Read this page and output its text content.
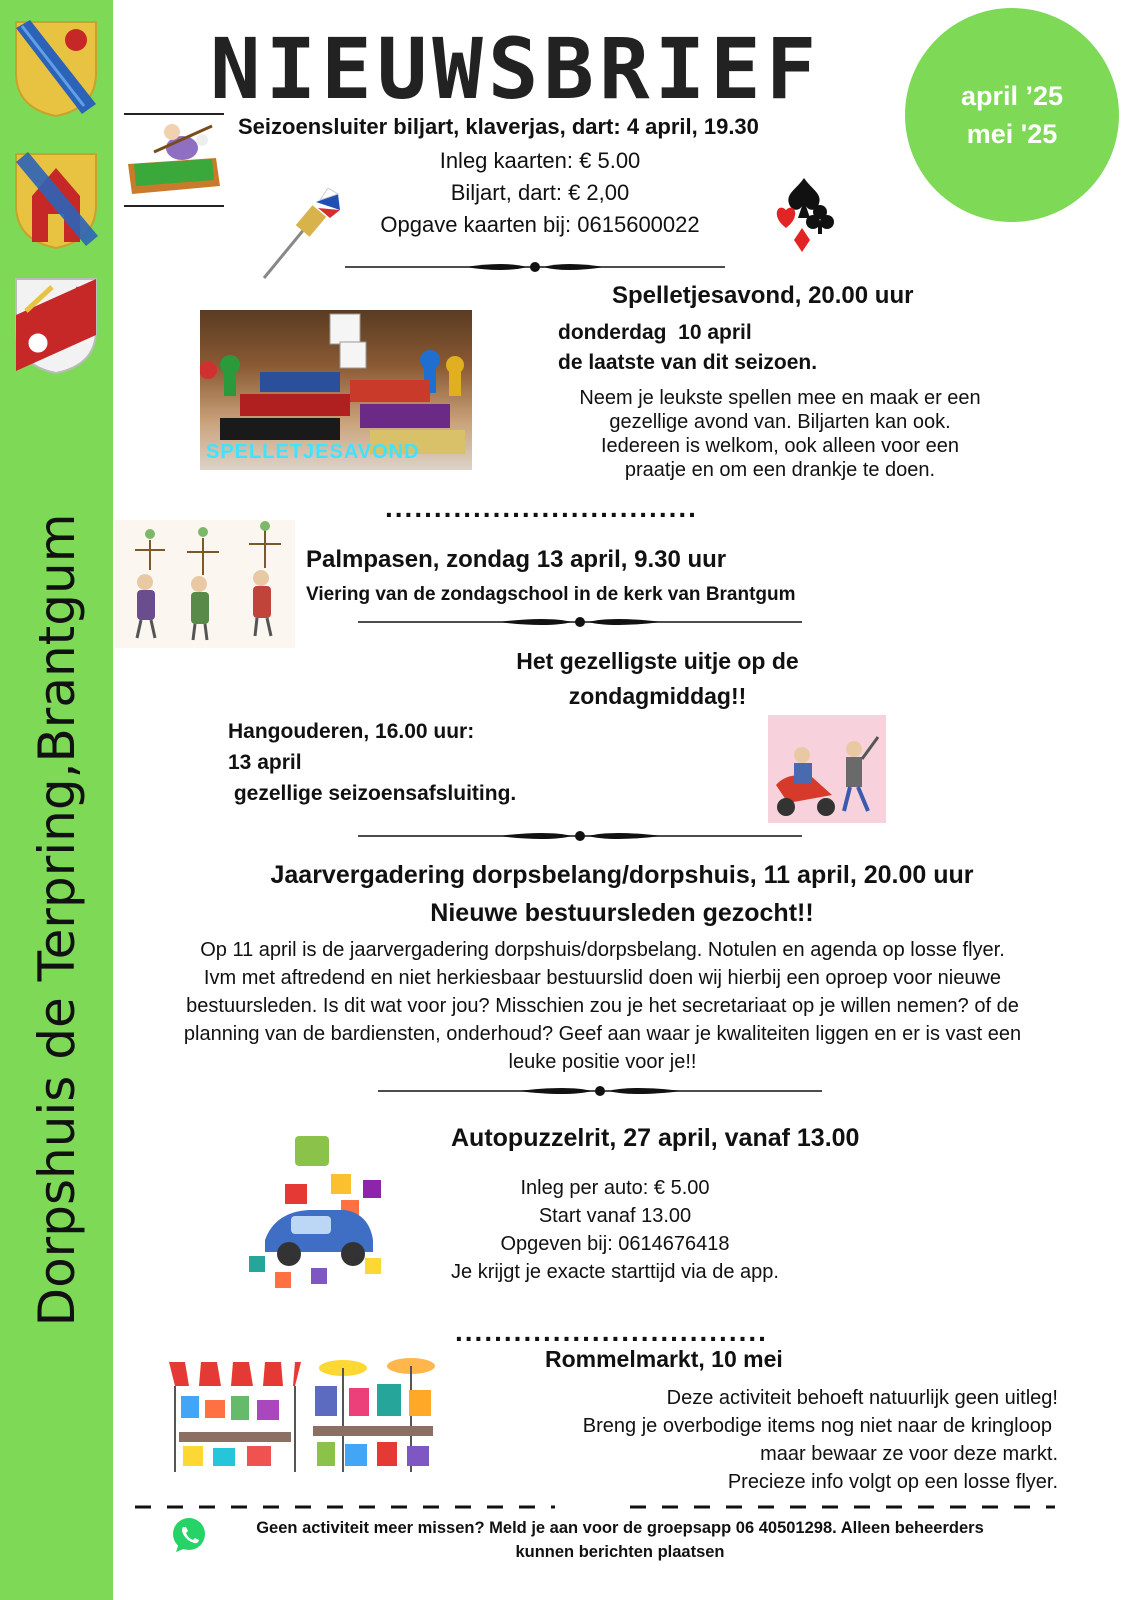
Dorpshuis de Terpring,Brantgum
NIEUWSBRIEF	april ’25
mei '25
Seizoensluiter biljart, klaverjas, dart: 4 april, 19.30
Inleg kaarten: € 5.00
Biljart, dart: € 2,00
Opgave kaarten bij: 0615600022
SPELLETJESAVOND
Spelletjesavond, 20.00 uur
donderdag  10 april
de laatste van dit seizoen.
Neem je leukste spellen mee en maak er een
gezellige avond van. Biljarten kan ook.
Iedereen is welkom, ook alleen voor een
praatje en om een drankje te doen.
................................
Palmpasen, zondag 13 april, 9.30 uur
Viering van de zondagschool in de kerk van Brantgum
Het gezelligste uitje op de
zondagmiddag!!
Hangouderen, 16.00 uur:
13 april
gezellige seizoensafsluiting.
Jaarvergadering dorpsbelang/dorpshuis, 11 april, 20.00 uur
Nieuwe bestuursleden gezocht!!
Op 11 april is de jaarvergadering dorpshuis/dorpsbelang. Notulen en agenda op losse flyer.
Ivm met aftredend en niet herkiesbaar bestuurslid doen wij hierbij een oproep voor nieuwe
bestuursleden. Is dit wat voor jou? Misschien zou je het secretariaat op je willen nemen? of de
planning van de bardiensten, onderhoud? Geef aan waar je kwaliteiten liggen en er is vast een
leuke positie voor je!!
Autopuzzelrit, 27 april, vanaf 13.00
Inleg per auto: € 5.00
Start vanaf 13.00
Opgeven bij: 0614676418
Je krijgt je exacte starttijd via de app.
................................
Rommelmarkt, 10 mei
Deze activiteit behoeft natuurlijk geen uitleg!
Breng je overbodige items nog niet naar de kringloop
maar bewaar ze voor deze markt.
Precieze info volgt op een losse flyer.
Geen activiteit meer missen? Meld je aan voor de groepsapp 06 40501298. Alleen beheerders
kunnen berichten plaatsen
